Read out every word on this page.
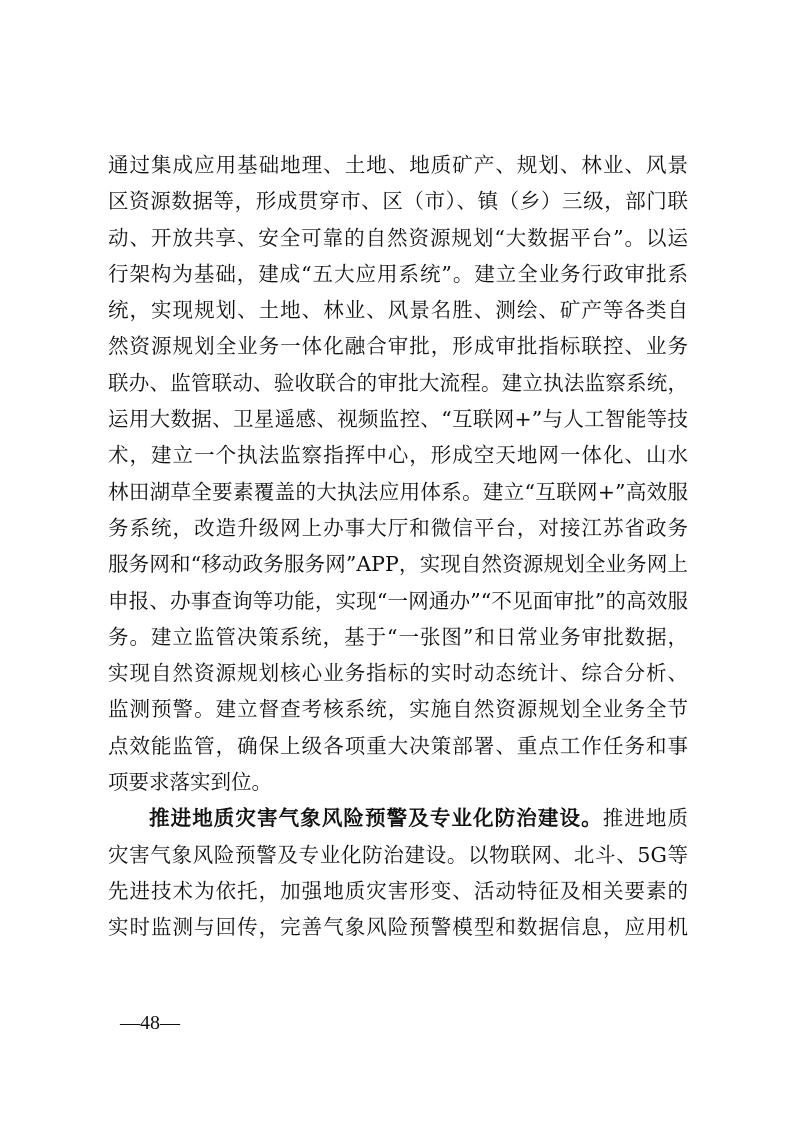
通过集成应用基础地理、土地、地质矿产、规划、林业、风景
区资源数据等，形成贯穿市、区（市）、镇（乡）三级，部门联
动、开放共享、安全可靠的自然资源规划“大数据平台”。以运
行架构为基础，建成“五大应用系统”。建立全业务行政审批系
统，实现规划、土地、林业、风景名胜、测绘、矿产等各类自
然资源规划全业务一体化融合审批，形成审批指标联控、业务
联办、监管联动、验收联合的审批大流程。建立执法监察系统，
运用大数据、卫星遥感、视频监控、“互联网+”与人工智能等技
术，建立一个执法监察指挥中心，形成空天地网一体化、山水
林田湖草全要素覆盖的大执法应用体系。建立“互联网+”高效服
务系统，改造升级网上办事大厅和微信平台，对接江苏省政务
服务网和“移动政务服务网”APP，实现自然资源规划全业务网上
申报、办事查询等功能，实现“一网通办”“不见面审批”的高效服
务。建立监管决策系统，基于“一张图”和日常业务审批数据，
实现自然资源规划核心业务指标的实时动态统计、综合分析、
监测预警。建立督查考核系统，实施自然资源规划全业务全节
点效能监管，确保上级各项重大决策部署、重点工作任务和事
项要求落实到位。
推进地质灾害气象风险预警及专业化防治建设。推进地质
灾害气象风险预警及专业化防治建设。以物联网、北斗、5G等
先进技术为依托，加强地质灾害形变、活动特征及相关要素的
实时监测与回传，完善气象风险预警模型和数据信息，应用机
—48—
